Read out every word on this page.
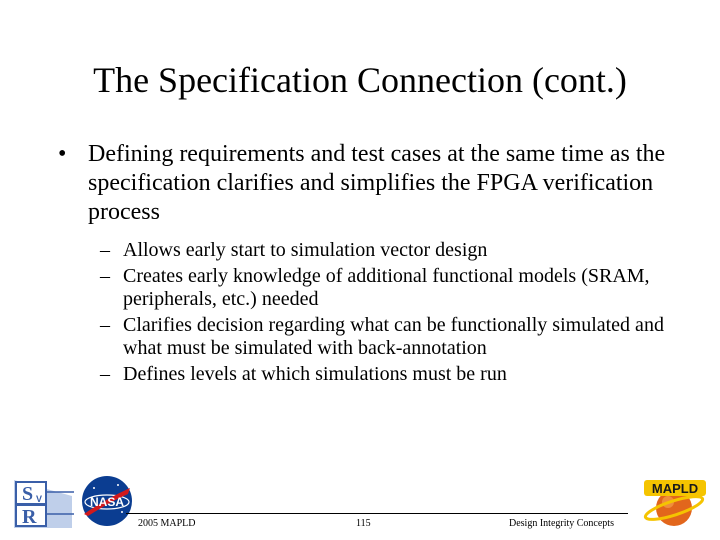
The Specification Connection (cont.)
• Defining requirements and test cases at the same time as the specification clarifies and simplifies the FPGA verification process
– Allows early start to simulation vector design
– Creates early knowledge of additional functional models (SRAM, peripherals, etc.) needed
– Clarifies decision regarding what can be functionally simulated and what must be simulated with back-annotation
– Defines levels at which simulations must be run
S V
R
NASA
MAPLD
2005 MAPLD	115	Design Integrity Concepts
